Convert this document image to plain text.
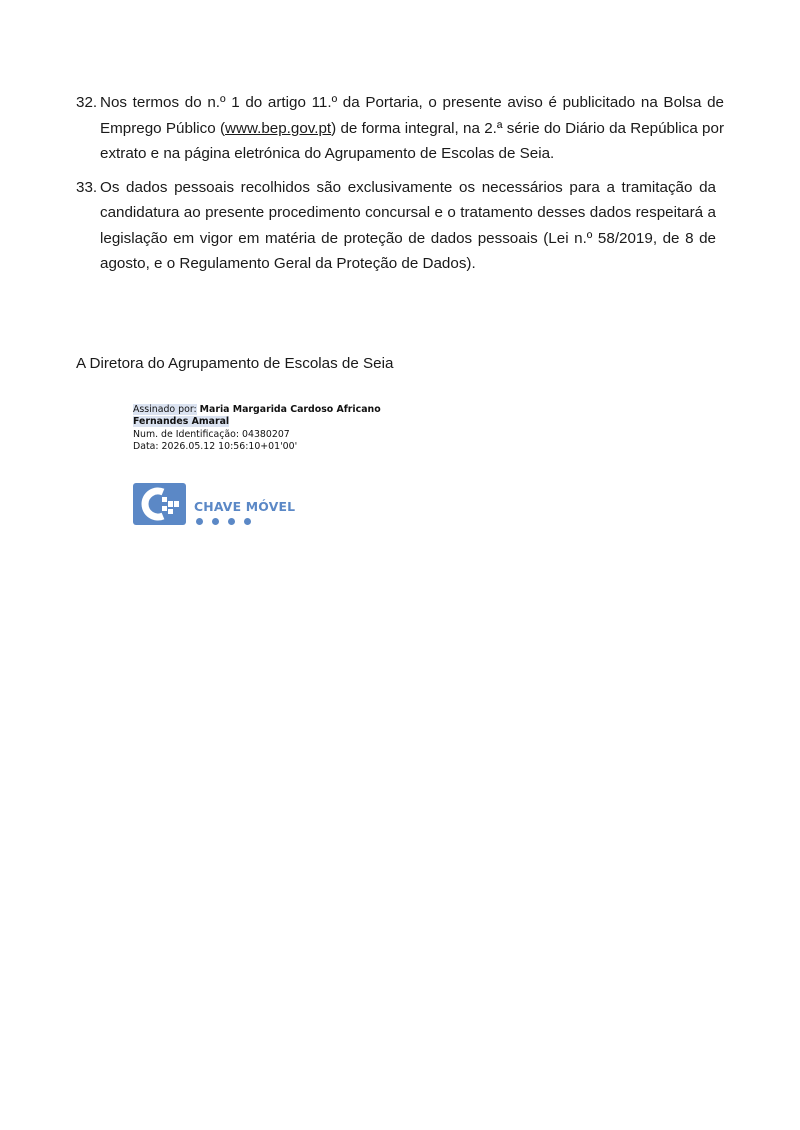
32. Nos termos do n.º 1 do artigo 11.º da Portaria, o presente aviso é publicitado na Bolsa de Emprego Público (www.bep.gov.pt) de forma integral, na 2.ª série do Diário da República por extrato e na página eletrónica do Agrupamento de Escolas de Seia.
33. Os dados pessoais recolhidos são exclusivamente os necessários para a tramitação da candidatura ao presente procedimento concursal e o tratamento desses dados respeitará a legislação em vigor em matéria de proteção de dados pessoais (Lei n.º 58/2019, de 8 de agosto, e o Regulamento Geral da Proteção de Dados).
A Diretora do Agrupamento de Escolas de Seia
Assinado por: Maria Margarida Cardoso Africano
Fernandes Amaral
Num. de Identificação: 04380207
Data: 2026.05.12 10:56:10+01'00'
CHAVE MÓVEL
